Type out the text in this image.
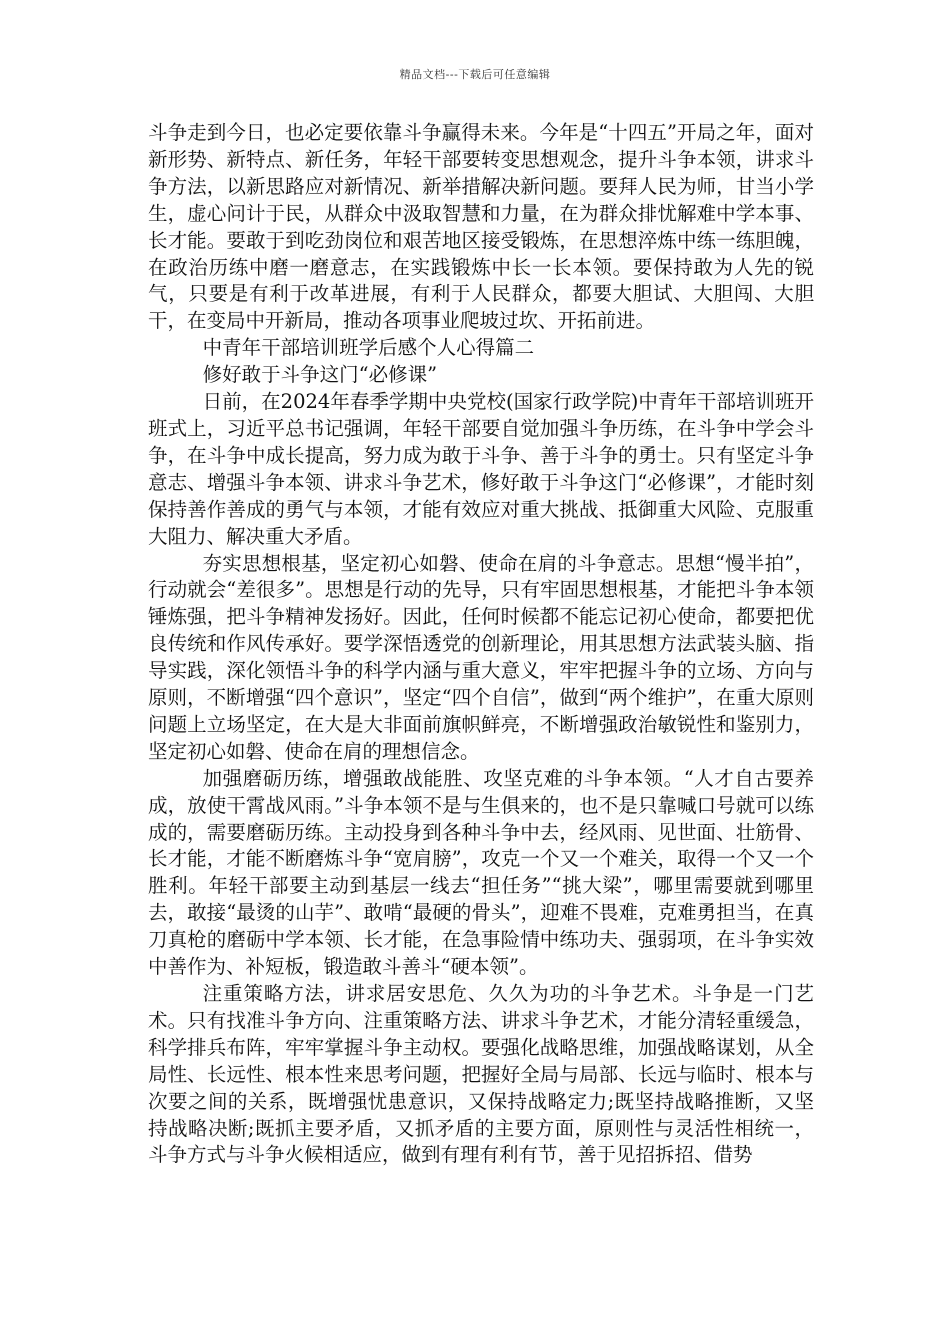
精品文档---下载后可任意编辑

斗争走到今日，也必定要依靠斗争赢得未来。今年是“十四五”开局之年，面对新形势、新特点、新任务，年轻干部要转变思想观念，提升斗争本领，讲求斗争方法，以新思路应对新情况、新举措解决新问题。要拜人民为师，甘当小学生，虚心问计于民，从群众中汲取智慧和力量，在为群众排忧解难中学本事、长才能。要敢于到吃劲岗位和艰苦地区接受锻炼，在思想淬炼中练一练胆魄，在政治历练中磨一磨意志，在实践锻炼中长一长本领。要保持敢为人先的锐气，只要是有利于改革进展，有利于人民群众，都要大胆试、大胆闯、大胆干，在变局中开新局，推动各项事业爬坡过坎、开拓前进。

中青年干部培训班学后感个人心得篇二

修好敢于斗争这门“必修课”

日前，在2024年春季学期中央党校(国家行政学院)中青年干部培训班开班式上，习近平总书记强调，年轻干部要自觉加强斗争历练，在斗争中学会斗争，在斗争中成长提高，努力成为敢于斗争、善于斗争的勇士。只有坚定斗争意志、增强斗争本领、讲求斗争艺术，修好敢于斗争这门“必修课”，才能时刻保持善作善成的勇气与本领，才能有效应对重大挑战、抵御重大风险、克服重大阻力、解决重大矛盾。

夯实思想根基，坚定初心如磐、使命在肩的斗争意志。思想“慢半拍”，行动就会“差很多”。思想是行动的先导，只有牢固思想根基，才能把斗争本领锤炼强，把斗争精神发扬好。因此，任何时候都不能忘记初心使命，都要把优良传统和作风传承好。要学深悟透党的创新理论，用其思想方法武装头脑、指导实践，深化领悟斗争的科学内涵与重大意义，牢牢把握斗争的立场、方向与原则，不断增强“四个意识”，坚定“四个自信”，做到“两个维护”，在重大原则问题上立场坚定，在大是大非面前旗帜鲜亮，不断增强政治敏锐性和鉴别力，坚定初心如磐、使命在肩的理想信念。

加强磨砺历练，增强敢战能胜、攻坚克难的斗争本领。“人才自古要养成，放使干霄战风雨。”斗争本领不是与生俱来的，也不是只靠喊口号就可以练成的，需要磨砺历练。主动投身到各种斗争中去，经风雨、见世面、壮筋骨、长才能，才能不断磨炼斗争“宽肩膀”，攻克一个又一个难关，取得一个又一个胜利。年轻干部要主动到基层一线去“担任务”“挑大梁”，哪里需要就到哪里去，敢接“最烫的山芋”、敢啃“最硬的骨头”，迎难不畏难，克难勇担当，在真刀真枪的磨砺中学本领、长才能，在急事险情中练功夫、强弱项，在斗争实效中善作为、补短板，锻造敢斗善斗“硬本领”。

注重策略方法，讲求居安思危、久久为功的斗争艺术。斗争是一门艺术。只有找准斗争方向、注重策略方法、讲求斗争艺术，才能分清轻重缓急，科学排兵布阵，牢牢掌握斗争主动权。要强化战略思维，加强战略谋划，从全局性、长远性、根本性来思考问题，把握好全局与局部、长远与临时、根本与次要之间的关系，既增强忧患意识，又保持战略定力;既坚持战略推断，又坚持战略决断;既抓主要矛盾，又抓矛盾的主要方面，原则性与灵活性相统一，斗争方式与斗争火候相适应，做到有理有利有节，善于见招拆招、借势
